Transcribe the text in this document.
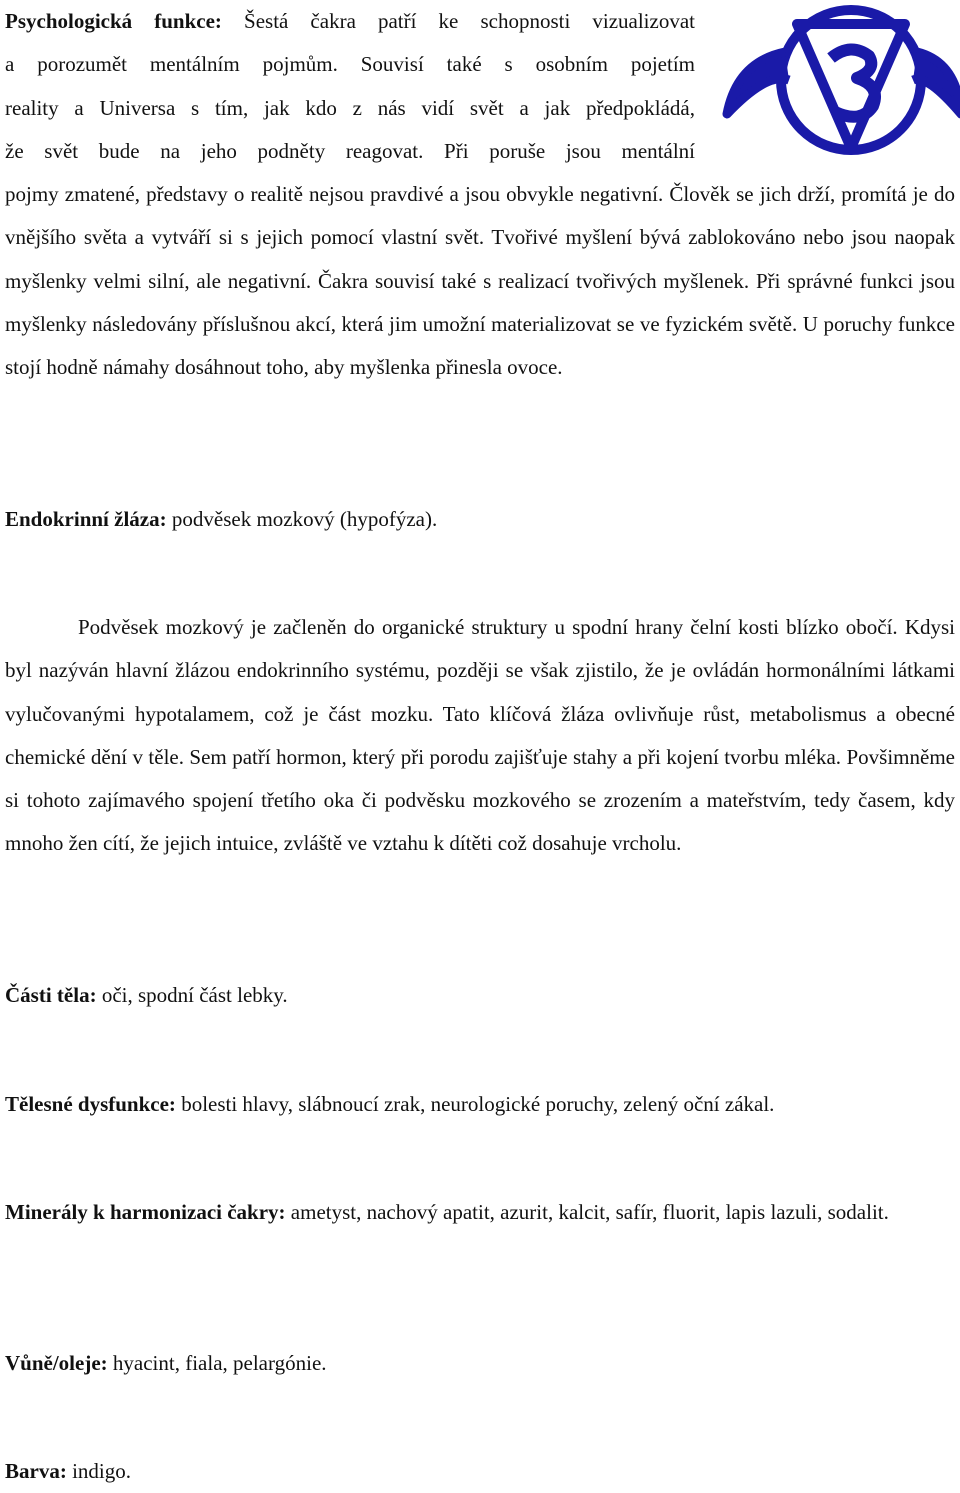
Psychologická funkce: Šestá čakra patří ke schopnosti vizualizovat
a porozumět mentálním pojmům. Souvisí také s osobním pojetím
reality a Universa s tím, jak kdo z nás vidí svět a jak předpokládá,
že svět bude na jeho podněty reagovat. Při poruše jsou mentální
pojmy zmatené, představy o realitě nejsou pravdivé a jsou obvykle negativní. Člověk se jich drží, promítá je do vnějšího světa a vytváří si s jejich pomocí vlastní svět. Tvořivé myšlení bývá zablokováno nebo jsou naopak myšlenky velmi silní, ale negativní. Čakra souvisí také s realizací tvořivých myšlenek. Při správné funkci jsou myšlenky následovány příslušnou akcí, která jim umožní materializovat se ve fyzickém světě. U poruchy funkce stojí hodně námahy dosáhnout toho, aby myšlenka přinesla ovoce.

Endokrinní žláza: podvěsek mozkový (hypofýza).

Podvěsek mozkový je začleněn do organické struktury u spodní hrany čelní kosti blízko obočí. Kdysi byl nazýván hlavní žlázou endokrinního systému, později se však zjistilo, že je ovládán hormonálními látkami vylučovanými hypotalamem, což je část mozku. Tato klíčová žláza ovlivňuje růst, metabolismus a obecné chemické dění v těle. Sem patří hormon, který při porodu zajišťuje stahy a při kojení tvorbu mléka. Povšimněme si tohoto zajímavého spojení třetího oka či podvěsku mozkového se zrozením a mateřstvím, tedy časem, kdy mnoho žen cítí, že jejich intuice, zvláště ve vztahu k dítěti což dosahuje vrcholu.

Části těla: oči, spodní část lebky.

Tělesné dysfunkce: bolesti hlavy, slábnoucí zrak, neurologické poruchy, zelený oční zákal.

Minerály k harmonizaci čakry: ametyst, nachový apatit, azurit, kalcit, safír, fluorit, lapis lazuli, sodalit.

Vůně/oleje: hyacint, fiala, pelargónie.

Barva: indigo.
